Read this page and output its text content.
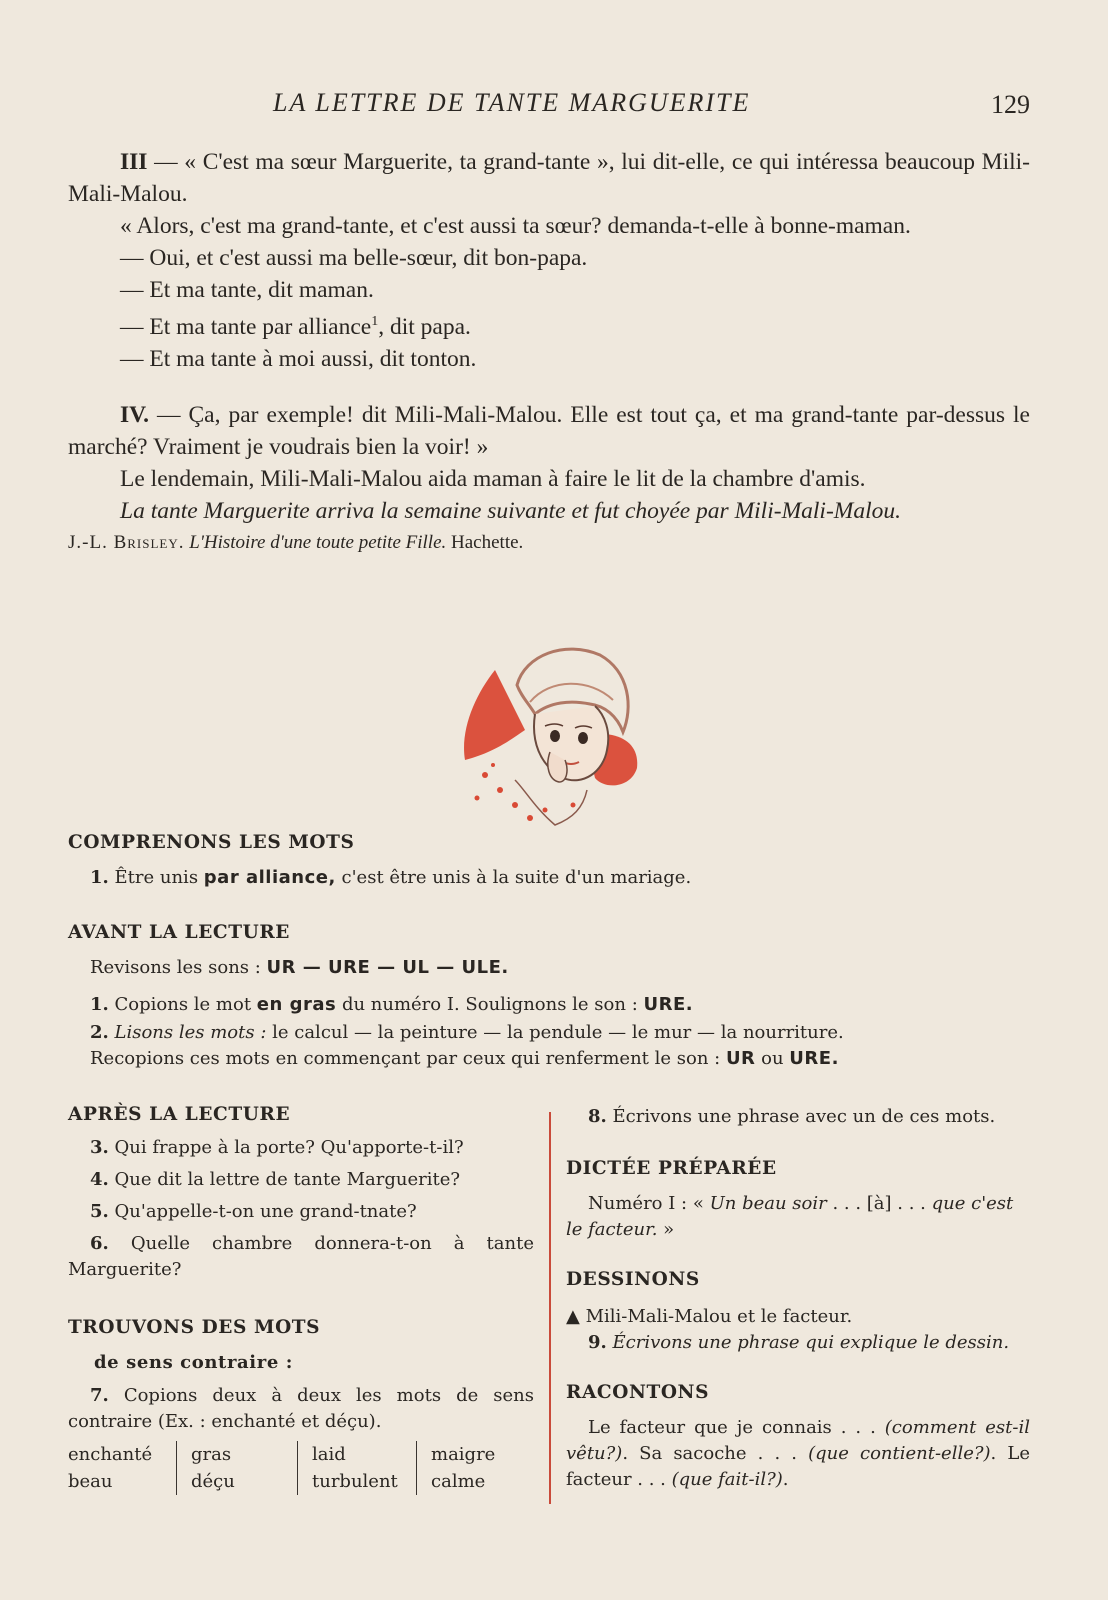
LA LETTRE DE TANTE MARGUERITE	129

III — « C'est ma sœur Marguerite, ta grand-tante », lui dit-elle, ce qui intéressa beaucoup Mili-Mali-Malou.

« Alors, c'est ma grand-tante, et c'est aussi ta sœur? demanda-t-elle à bonne-maman.

— Oui, et c'est aussi ma belle-sœur, dit bon-papa.

— Et ma tante, dit maman.

— Et ma tante par alliance$^1$, dit papa.

— Et ma tante à moi aussi, dit tonton.

IV. — Ça, par exemple! dit Mili-Mali-Malou. Elle est tout ça, et ma grand-tante par-dessus le marché? Vraiment je voudrais bien la voir! »

Le lendemain, Mili-Mali-Malou aida maman à faire le lit de la chambre d'amis.

La tante Marguerite arriva la semaine suivante et fut choyée par Mili-Mali-Malou.

J.-L. Brisley. L'Histoire d'une toute petite Fille. Hachette.

COMPRENONS LES MOTS

1. Être unis par alliance, c'est être unis à la suite d'un mariage.

AVANT LA LECTURE

Revisons les sons : UR — URE — UL — ULE.

1. Copions le mot en gras du numéro I. Soulignons le son : URE.

2. Lisons les mots : le calcul — la peinture — la pendule — le mur — la nourriture.

Recopions ces mots en commençant par ceux qui renferment le son : UR ou URE.

APRÈS LA LECTURE

3. Qui frappe à la porte? Qu'apporte-t-il?

4. Que dit la lettre de tante Marguerite?

5. Qu'appelle-t-on une grand-tnate?

6. Quelle chambre donnera-t-on à tante Marguerite?

TROUVONS DES MOTS

de sens contraire :

7. Copions deux à deux les mots de sens contraire (Ex. : enchanté et déçu).

enchanté
beau
gras
déçu
laid
turbulent
maigre
calme

8. Écrivons une phrase avec un de ces mots.

DICTÉE PRÉPARÉE

Numéro I : « Un beau soir . . . [à] . . . que c'est le facteur. »

DESSINONS

▲ Mili-Mali-Malou et le facteur.

9. Écrivons une phrase qui explique le dessin.

RACONTONS

Le facteur que je connais . . . (comment est-il vêtu?). Sa sacoche . . . (que contient-elle?). Le facteur . . . (que fait-il?).
